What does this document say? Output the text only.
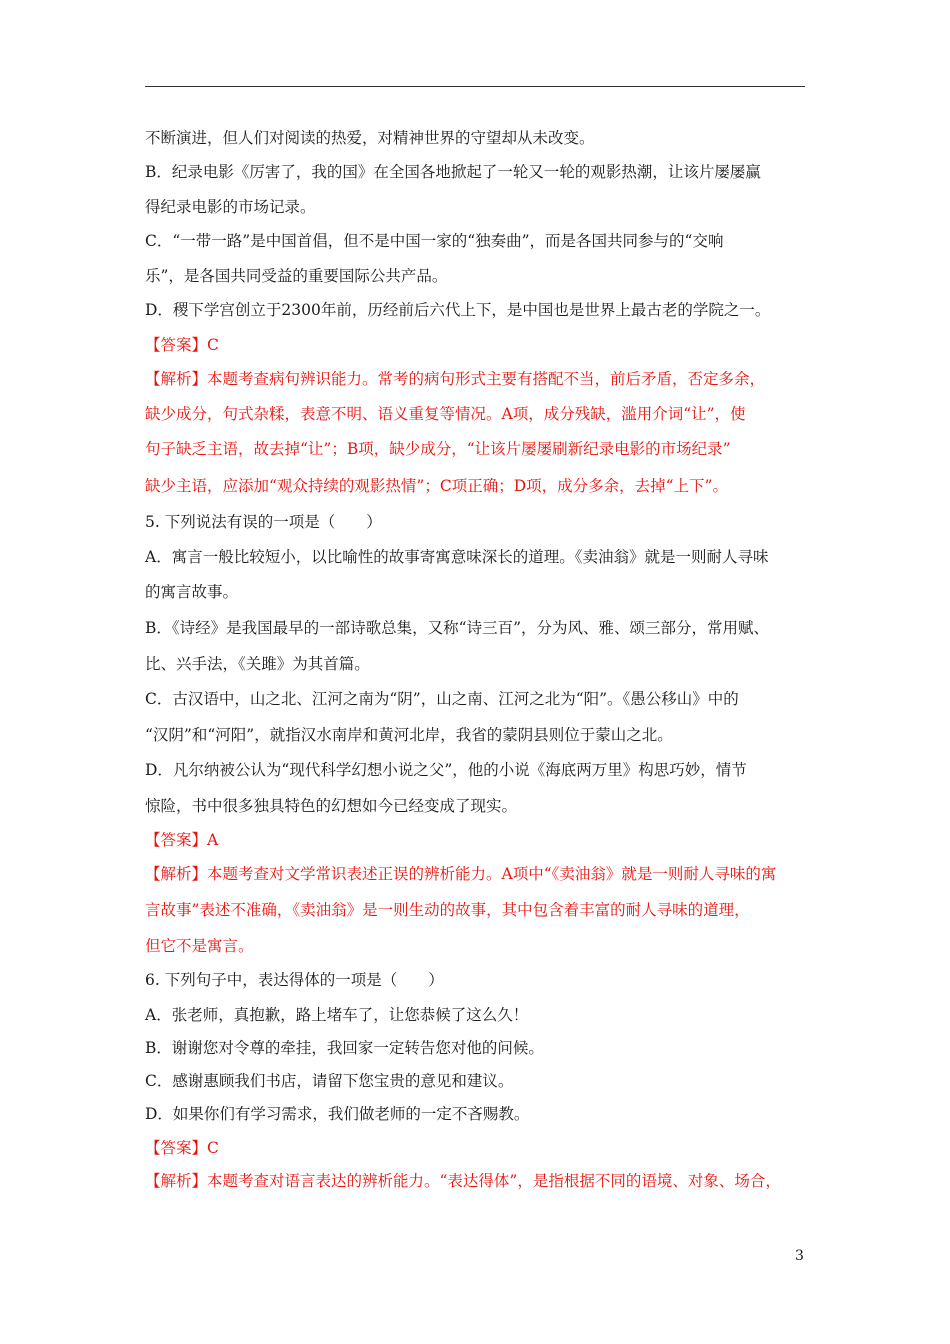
不断演进，但人们对阅读的热爱，对精神世界的守望却从未改变。
B．纪录电影《厉害了，我的国》在全国各地掀起了一轮又一轮的观影热潮，让该片屡屡赢
得纪录电影的市场记录。
C．“一带一路”是中国首倡，但不是中国一家的“独奏曲”，而是各国共同参与的“交响
乐”，是各国共同受益的重要国际公共产品。
D．稷下学宫创立于2300年前，历经前后六代上下，是中国也是世界上最古老的学院之一。
【答案】C
【解析】本题考查病句辨识能力。常考的病句形式主要有搭配不当，前后矛盾，否定多余，
缺少成分，句式杂糅，表意不明、语义重复等情况。A项，成分残缺，滥用介词“让”，使
句子缺乏主语，故去掉“让”；B项，缺少成分，“让该片屡屡刷新纪录电影的市场纪录”
缺少主语，应添加“观众持续的观影热情”；C项正确；D项，成分多余，去掉“上下”。
5. 下列说法有误的一项是（　　）
A．寓言一般比较短小，以比喻性的故事寄寓意味深长的道理。《卖油翁》就是一则耐人寻味
的寓言故事。
B．《诗经》是我国最早的一部诗歌总集，又称“诗三百”，分为风、雅、颂三部分，常用赋、
比、兴手法，《关雎》为其首篇。
C．古汉语中，山之北、江河之南为“阴”，山之南、江河之北为“阳”。《愚公移山》中的
“汉阴”和“河阳”，就指汉水南岸和黄河北岸，我省的蒙阴县则位于蒙山之北。
D．凡尔纳被公认为“现代科学幻想小说之父”，他的小说《海底两万里》构思巧妙，情节
惊险，书中很多独具特色的幻想如今已经变成了现实。
【答案】A
【解析】本题考查对文学常识表述正误的辨析能力。A项中“《卖油翁》就是一则耐人寻味的寓
言故事”表述不准确，《卖油翁》是一则生动的故事，其中包含着丰富的耐人寻味的道理，
但它不是寓言。
6. 下列句子中，表达得体的一项是（　　）
A．张老师，真抱歉，路上堵车了，让您恭候了这么久！
B．谢谢您对令尊的牵挂，我回家一定转告您对他的问候。
C．感谢惠顾我们书店，请留下您宝贵的意见和建议。
D．如果你们有学习需求，我们做老师的一定不吝赐教。
【答案】C
【解析】本题考查对语言表达的辨析能力。“表达得体”，是指根据不同的语境、对象、场合，
3
